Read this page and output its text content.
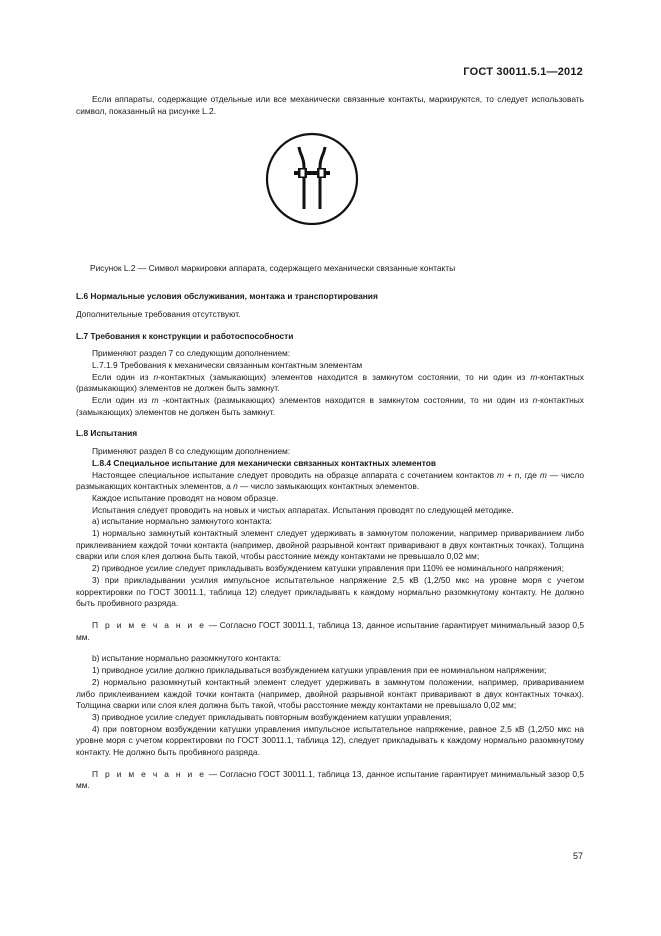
ГОСТ 30011.5.1—2012

Если аппараты, содержащие отдельные или все механически связанные контакты, маркируются, то следует использовать символ, показанный на рисунке L.2.

Рисунок L.2 — Символ маркировки аппарата, содержащего механически связанные контакты

L.6 Нормальные условия обслуживания, монтажа и транспортирования

Дополнительные требования отсутствуют.

L.7 Требования к конструкции и работоспособности

Применяют раздел 7 со следующим дополнением:

L.7.1.9 Требования к механически связанным контактным элементам

Если один из n-контактных (замыкающих) элементов находится в замкнутом состоянии, то ни один из m-контактных (размыкающих) элементов не должен быть замкнут.

Если один из m -контактных (размыкающих) элементов находится в замкнутом состоянии, то ни один из n-контактных (замыкающих) элементов не должен быть замкнут.

L.8 Испытания

Применяют раздел 8 со следующим дополнением:

L.8.4 Специальное испытание для механически связанных контактных элементов

Настоящее специальное испытание следует проводить на образце аппарата с сочетанием контактов m + n, где m — число размыкающих контактных элементов, а n — число замыкающих контактных элементов.

Каждое испытание проводят на новом образце.

Испытания следует проводить на новых и чистых аппаратах. Испытания проводят по следующей методике.

а) испытание нормально замкнутого контакта:

1) нормально замкнутый контактный элемент следует удерживать в замкнутом положении, например привариванием либо приклеиванием каждой точки контакта (например, двойной разрывной контакт приваривают в двух контактных точках). Толщина сварки или слоя клея должна быть такой, чтобы расстояние между контактами не превышало 0,02 мм;

2) приводное усилие следует прикладывать возбуждением катушки управления при 110% ее номинального напряжения;

3) при прикладывании усилия импульсное испытательное напряжение 2,5 кВ (1,2/50 мкс на уровне моря с учетом корректировки по ГОСТ 30011.1, таблица 12) следует прикладывать к каждому нормально разомкнутому контакту. Не должно быть пробивного разряда.

П р и м е ч а н и е — Согласно ГОСТ 30011.1, таблица 13, данное испытание гарантирует минимальный зазор 0,5 мм.

b) испытание нормально разомкнутого контакта:

1) приводное усилие должно прикладываться возбуждением катушки управления при ее номинальном напряжении;

2) нормально разомкнутый контактный элемент следует удерживать в замкнутом положении, например, привариванием либо приклеиванием каждой точки контакта (например, двойной разрывной контакт приваривают в двух контактных точках). Толщина сварки или слоя клея должна быть такой, чтобы расстояние между контактами не превышало 0,02 мм;

3) приводное усилие следует прикладывать повторным возбуждением катушки управления;

4) при повторном возбуждении катушки управления импульсное испытательное напряжение, равное 2,5 кВ (1,2/50 мкс на уровне моря с учетом корректировки по ГОСТ 30011.1, таблица 12), следует прикладывать к каждому нормально разомкнутому контакту. Не должно быть пробивного разряда.

П р и м е ч а н и е — Согласно ГОСТ 30011.1, таблица 13, данное испытание гарантирует минимальный зазор 0,5 мм.

57
